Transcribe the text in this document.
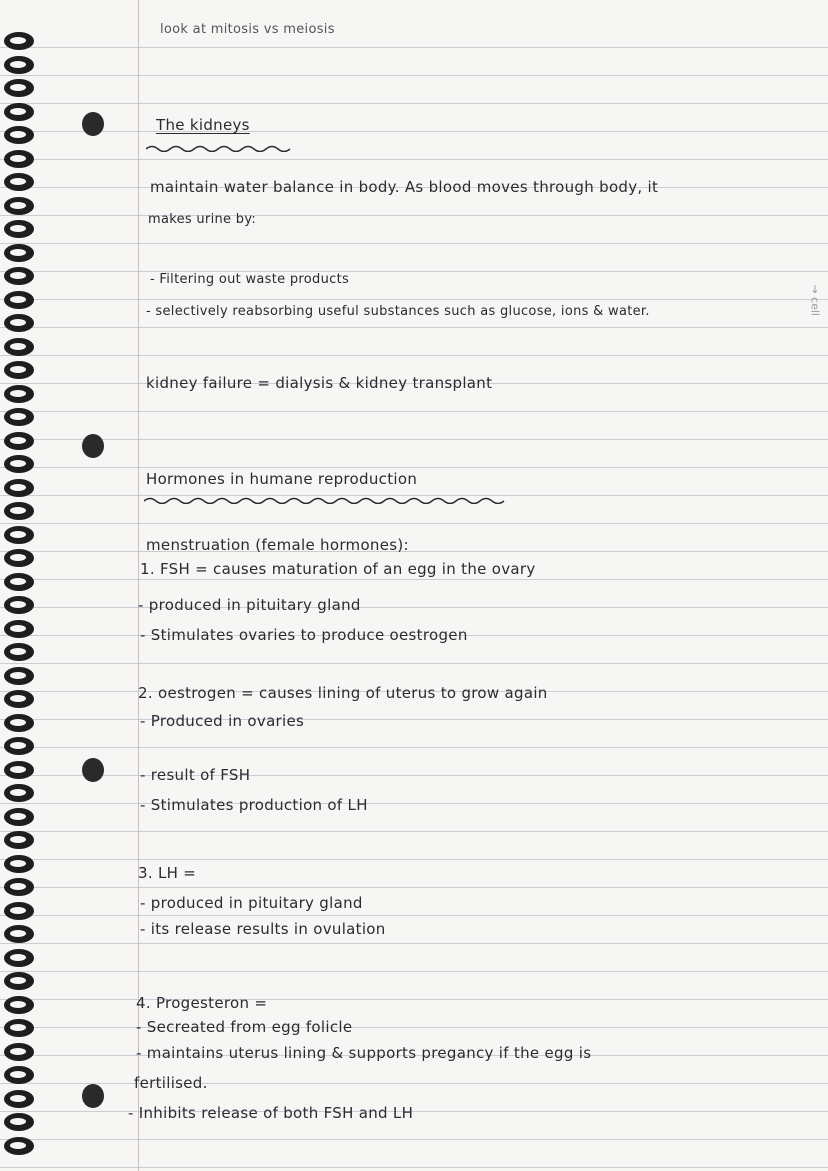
→ cell
look at mitosis vs meiosis
The kidneys
maintain water balance in body. As blood moves through body, it
makes urine by:
- Filtering out waste products
- selectively reabsorbing useful substances such as glucose, ions & water.
kidney failure = dialysis & kidney transplant
Hormones in humane reproduction
menstruation (female hormones):
1. FSH = causes maturation of an egg in the ovary
- produced in pituitary gland
- Stimulates ovaries to produce oestrogen
2. oestrogen = causes lining of uterus to grow again
- Produced in ovaries
- result of FSH
- Stimulates production of LH
3. LH =
- produced in pituitary gland
- its release results in ovulation
4. Progesteron =
- Secreated from egg folicle
- maintains uterus lining & supports pregancy if the egg is
fertilised.
- Inhibits release of both FSH and LH
